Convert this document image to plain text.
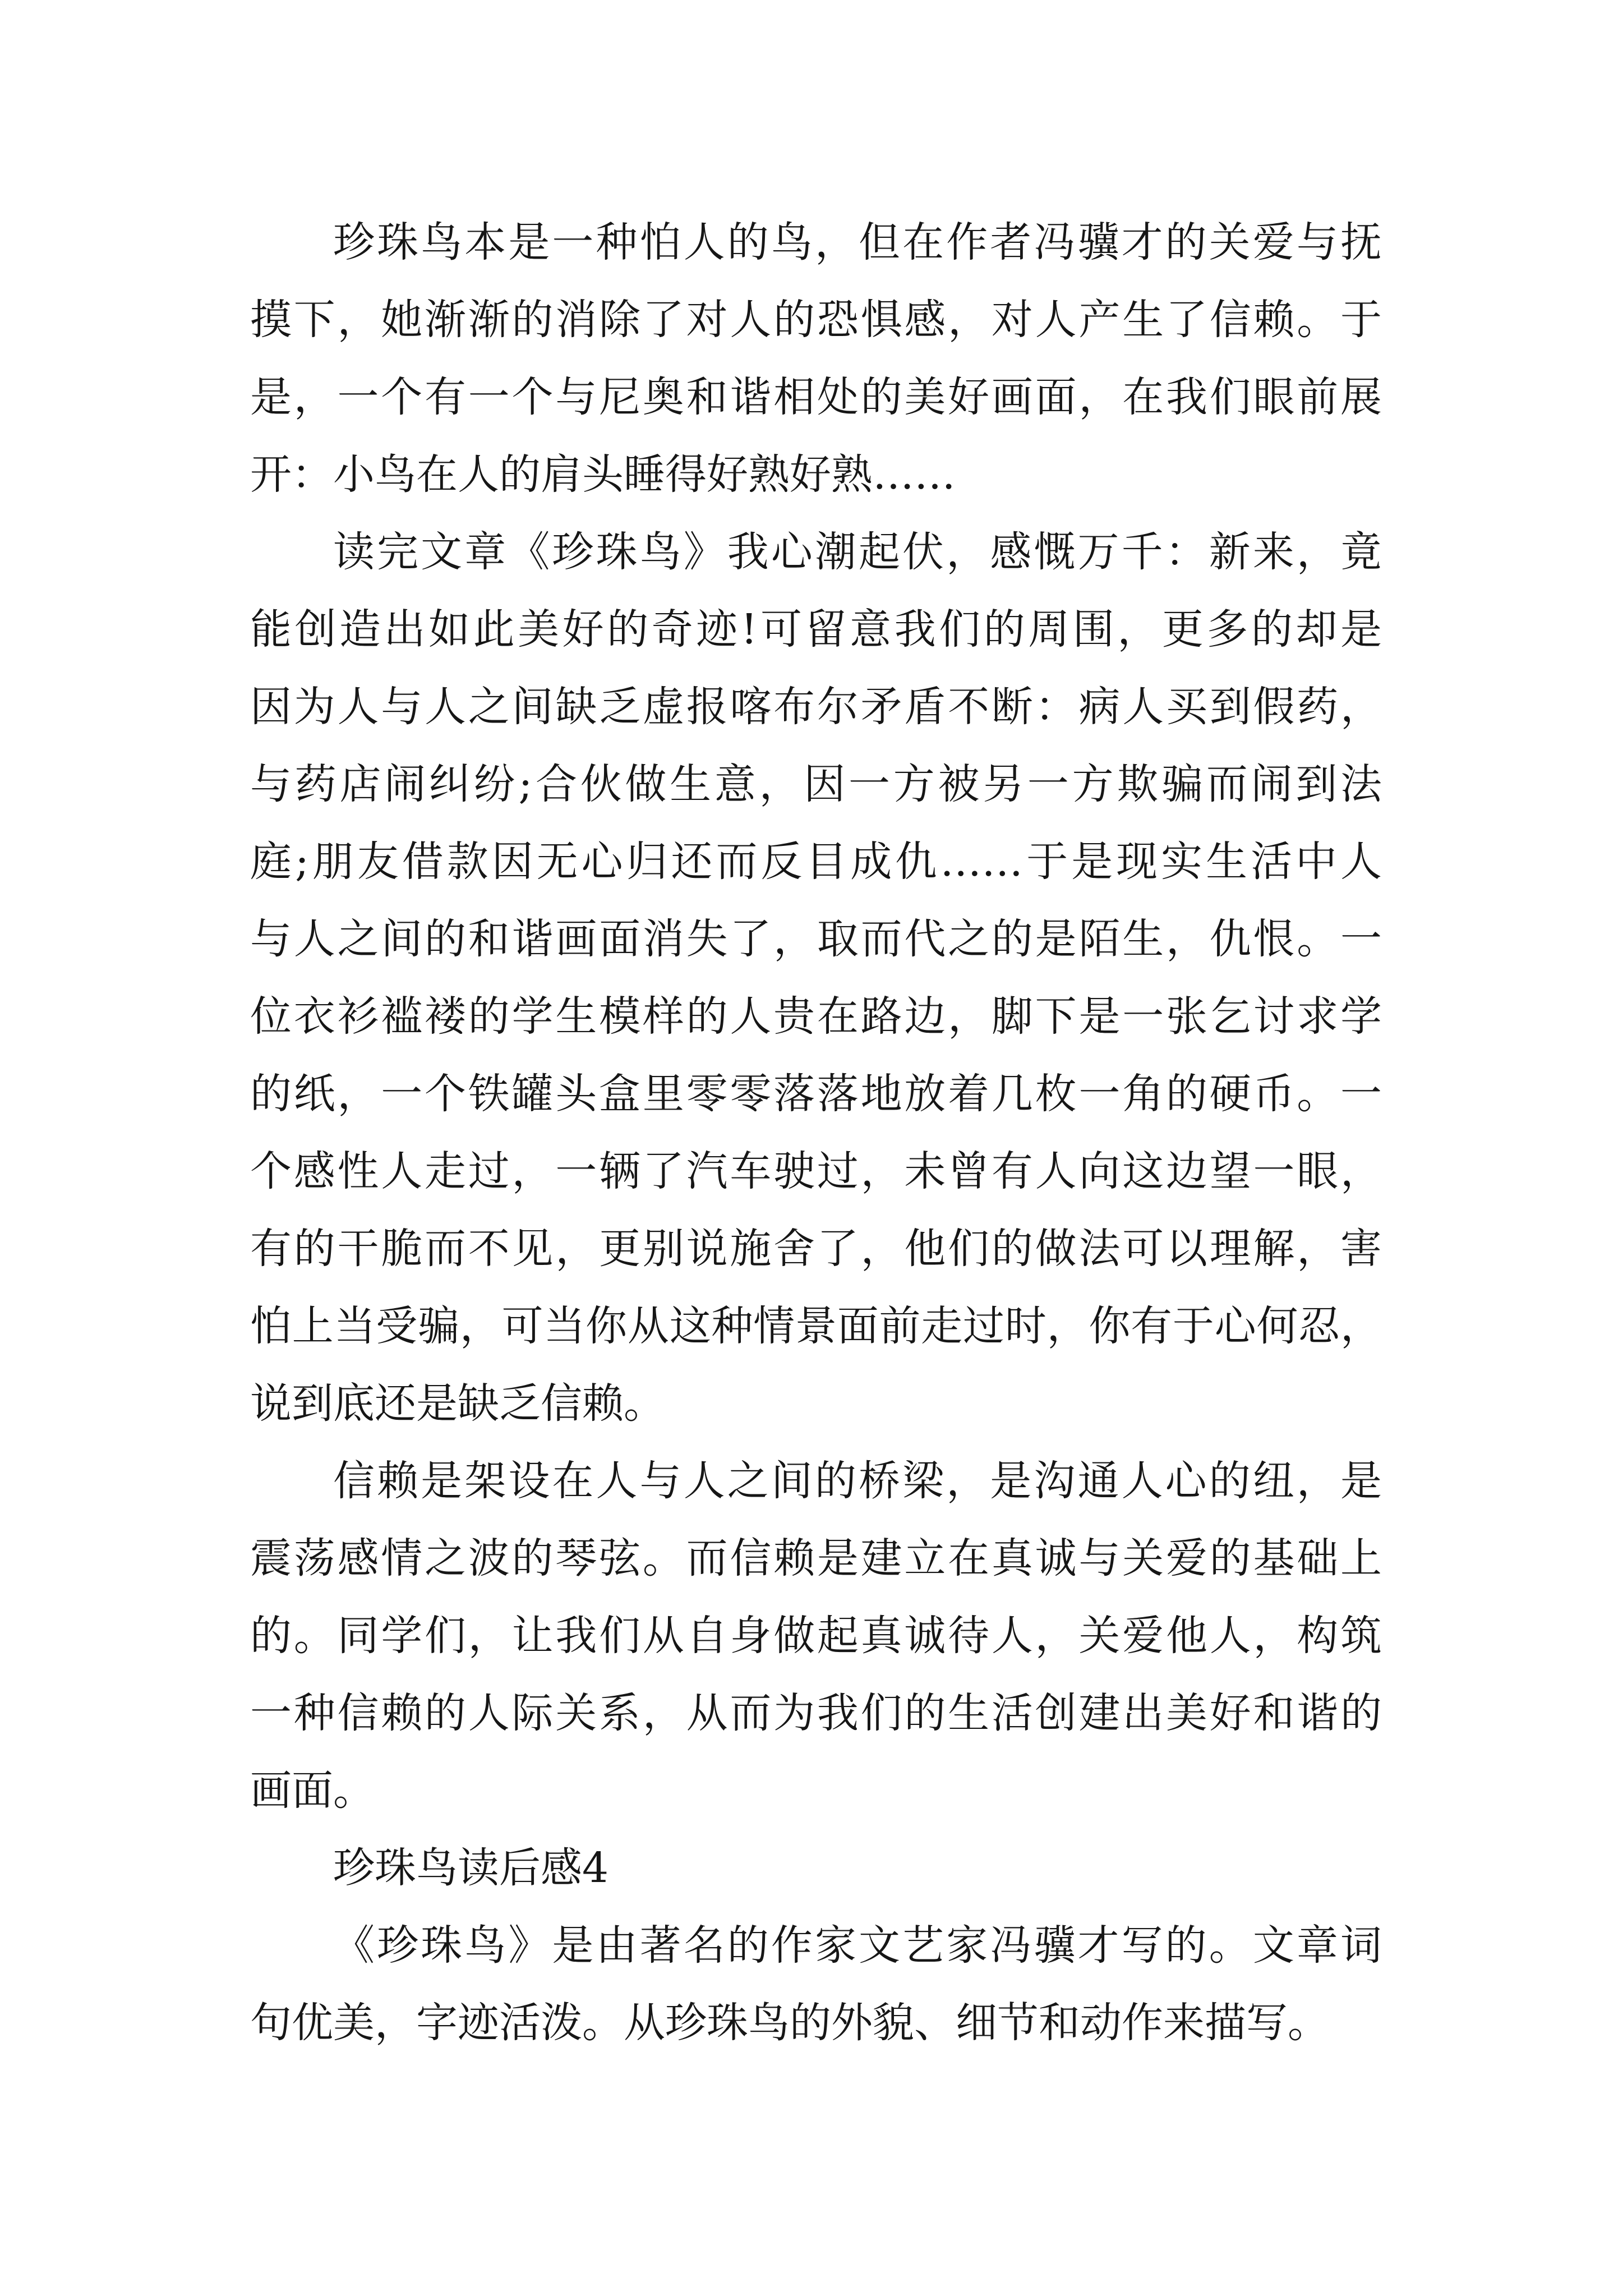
珍珠鸟本是一种怕人的鸟，但在作者冯骥才的关爱与抚
摸下，她渐渐的消除了对人的恐惧感，对人产生了信赖。于
是，一个有一个与尼奥和谐相处的美好画面，在我们眼前展
开：小鸟在人的肩头睡得好熟好熟……
读完文章《珍珠鸟》我心潮起伏，感慨万千：新来，竟
能创造出如此美好的奇迹!可留意我们的周围，更多的却是
因为人与人之间缺乏虚报喀布尔矛盾不断：病人买到假药，
与药店闹纠纷;合伙做生意，因一方被另一方欺骗而闹到法
庭;朋友借款因无心归还而反目成仇……于是现实生活中人
与人之间的和谐画面消失了，取而代之的是陌生，仇恨。一
位衣衫褴褛的学生模样的人贵在路边，脚下是一张乞讨求学
的纸，一个铁罐头盒里零零落落地放着几枚一角的硬币。一
个感性人走过，一辆了汽车驶过，未曾有人向这边望一眼，
有的干脆而不见，更别说施舍了，他们的做法可以理解，害
怕上当受骗，可当你从这种情景面前走过时，你有于心何忍，
说到底还是缺乏信赖。
信赖是架设在人与人之间的桥梁，是沟通人心的纽，是
震荡感情之波的琴弦。而信赖是建立在真诚与关爱的基础上
的。同学们，让我们从自身做起真诚待人，关爱他人，构筑
一种信赖的人际关系，从而为我们的生活创建出美好和谐的
画面。
珍珠鸟读后感4
《珍珠鸟》是由著名的作家文艺家冯骥才写的。文章词
句优美，字迹活泼。从珍珠鸟的外貌、细节和动作来描写。
